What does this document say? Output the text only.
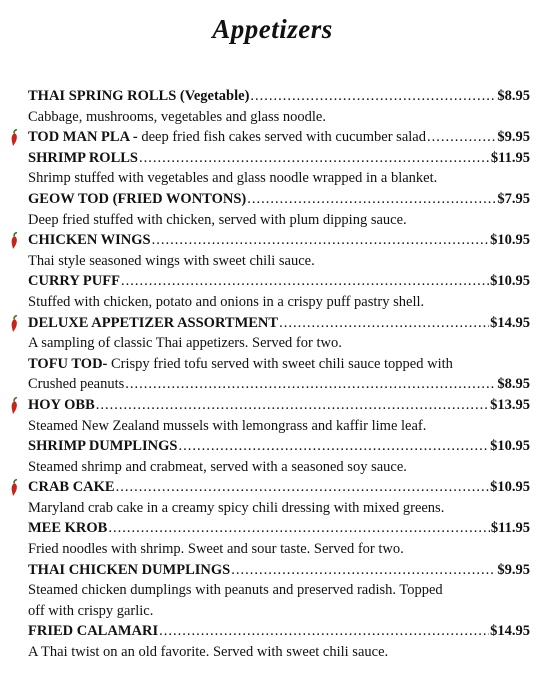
Appetizers
THAI SPRING ROLLS (Vegetable) .....	$8.95
Cabbage, mushrooms, vegetables and glass noodle.
TOD MAN PLA - deep fried fish cakes served with cucumber salad .....	$9.95
SHRIMP ROLLS .....	$11.95
Shrimp stuffed with vegetables and glass noodle wrapped in a blanket.
GEOW TOD (FRIED WONTONS) .....	$7.95
Deep fried stuffed with chicken, served with plum dipping sauce.
CHICKEN WINGS .....	$10.95
Thai style seasoned wings with sweet chili sauce.
CURRY PUFF .....	$10.95
Stuffed with chicken, potato and onions in a crispy puff pastry shell.
DELUXE APPETIZER ASSORTMENT .....	$14.95
A sampling of classic Thai appetizers. Served for two.
TOFU TOD- Crispy fried tofu served with sweet chili sauce topped with
Crushed peanuts .....	$8.95
HOY OBB .....	$13.95
Steamed New Zealand mussels with lemongrass and kaffir lime leaf.
SHRIMP DUMPLINGS .....	$10.95
Steamed shrimp and crabmeat, served with a seasoned soy sauce.
CRAB CAKE .....	$10.95
Maryland crab cake in a creamy spicy chili dressing with mixed greens.
MEE KROB .....	$11.95
Fried noodles with shrimp. Sweet and sour taste. Served for two.
THAI CHICKEN DUMPLINGS .....	$9.95
Steamed chicken dumplings with peanuts and preserved radish. Topped
off with crispy garlic.
FRIED CALAMARI .....	$14.95
A Thai twist on an old favorite. Served with sweet chili sauce.
